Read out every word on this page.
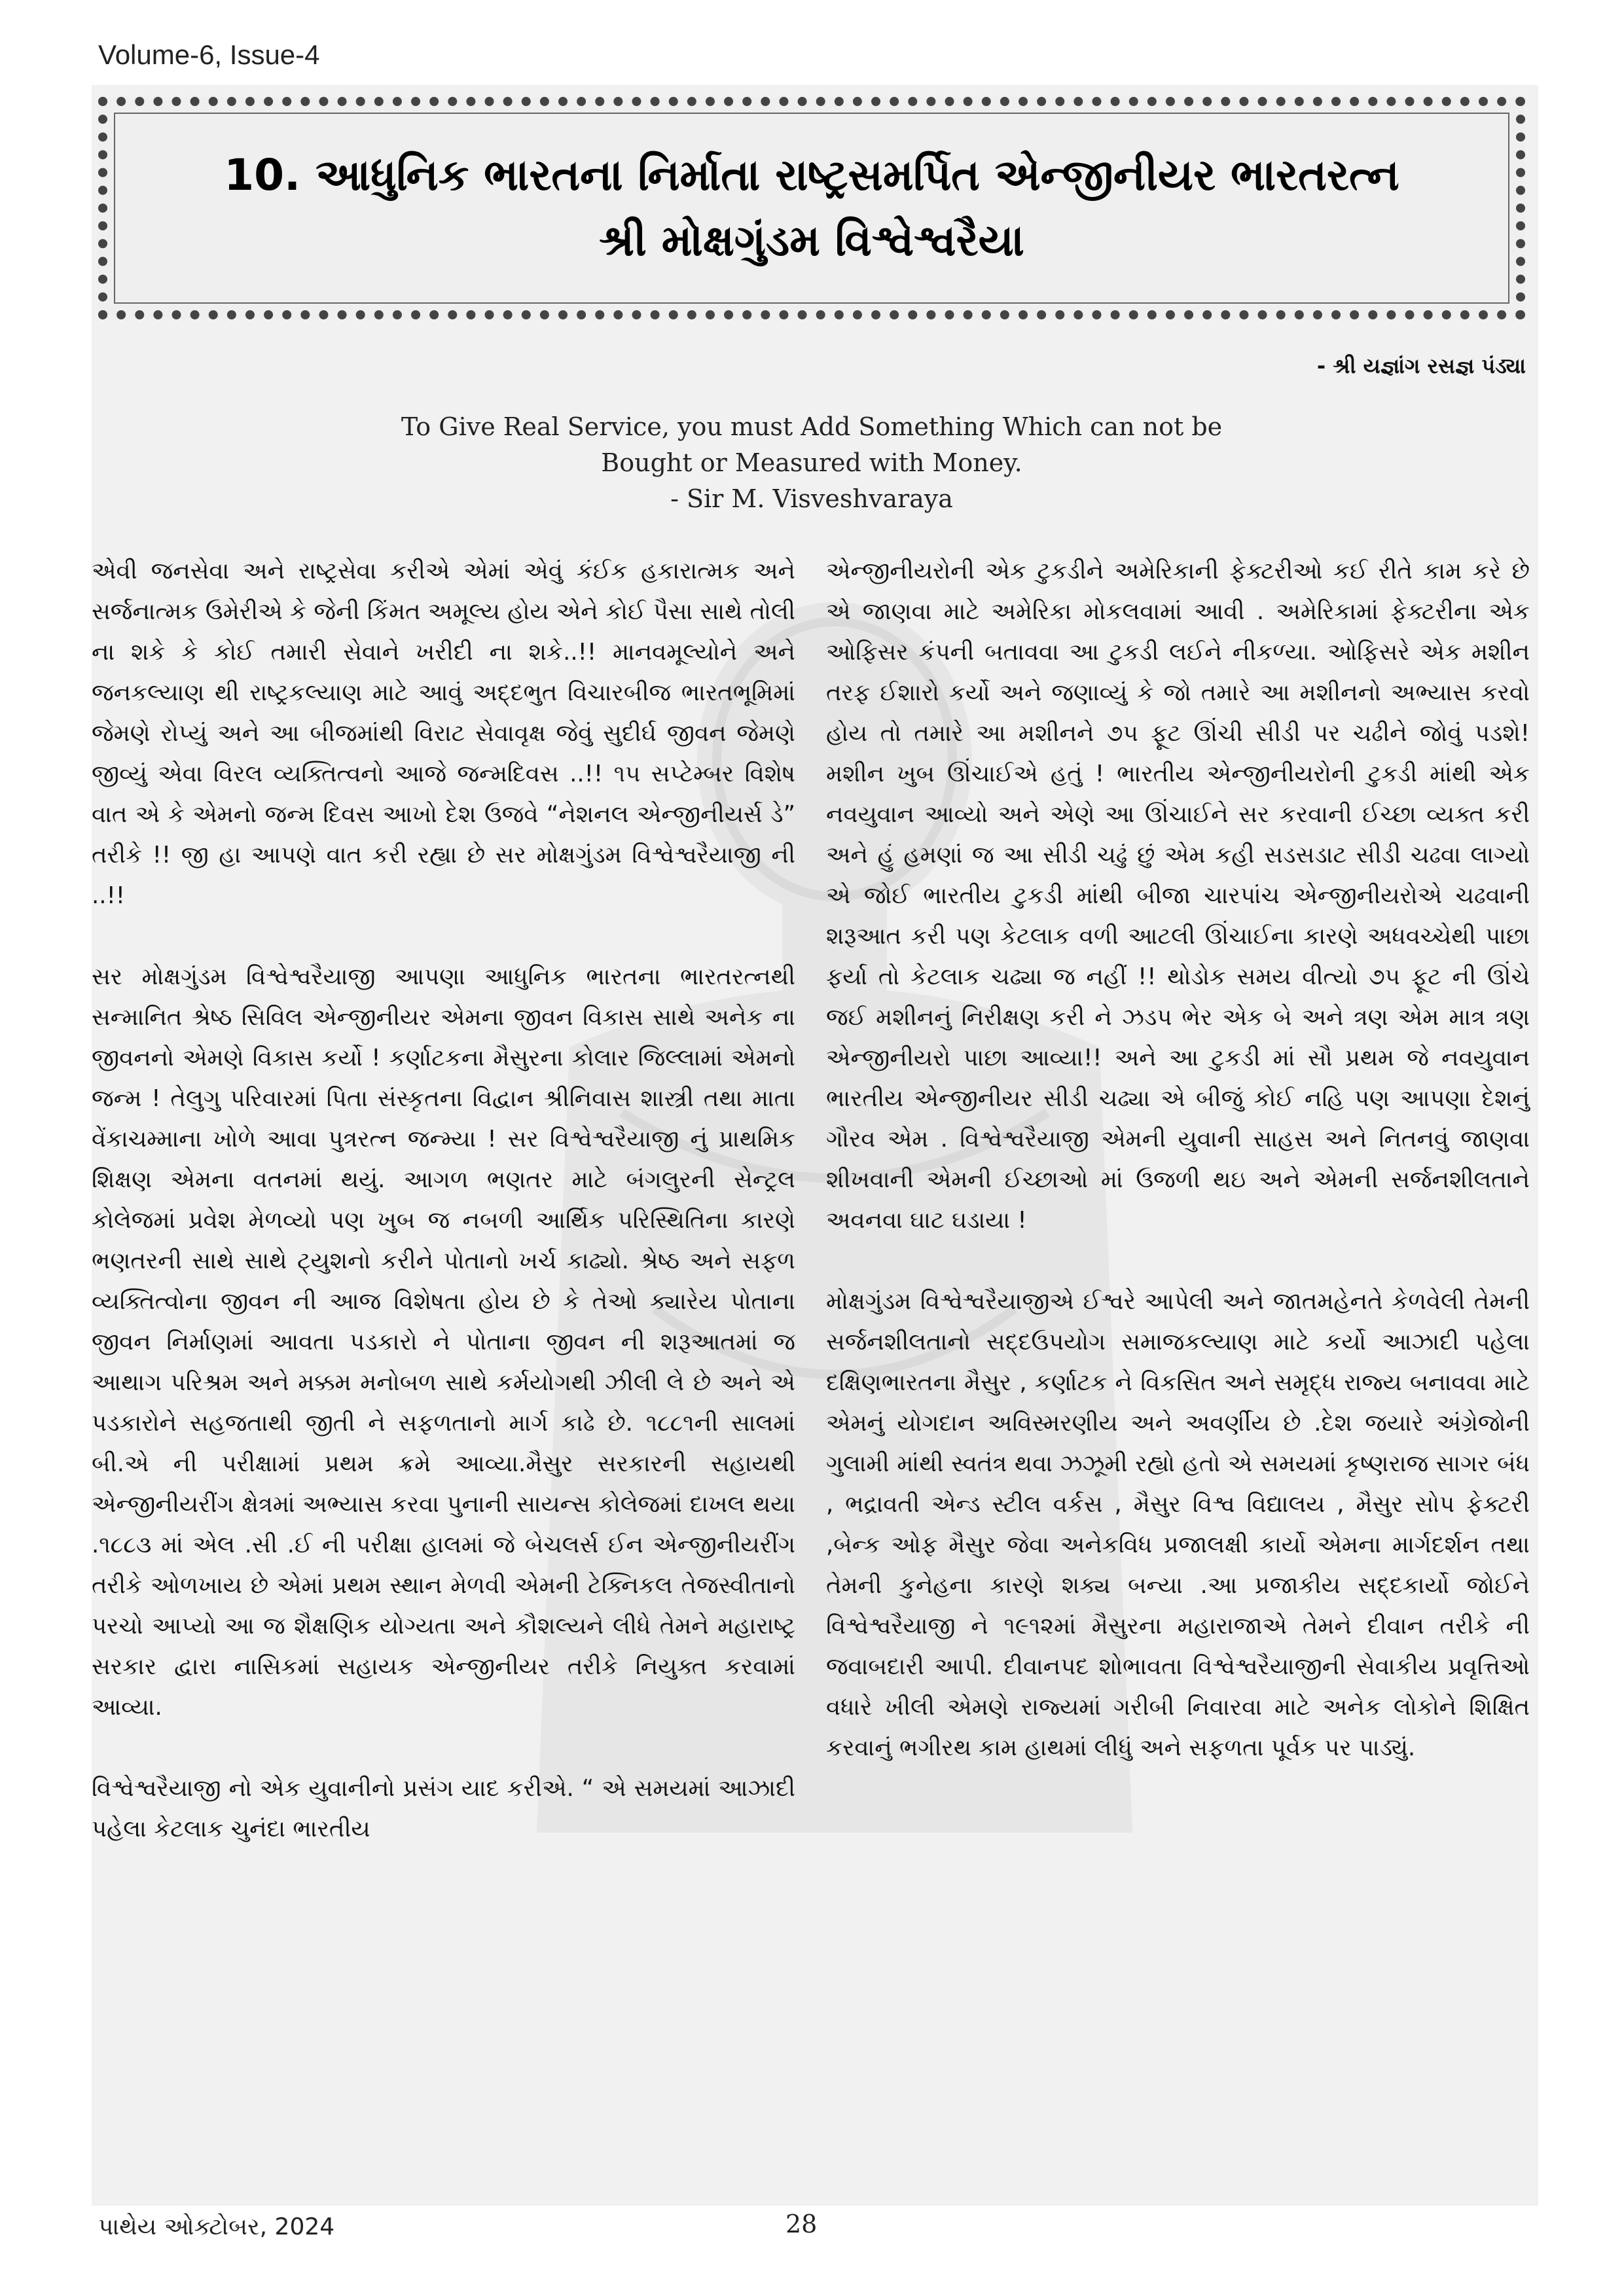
Volume-6, Issue-4
10. આધુનિક ભારતના નિર્માતા રાષ્ટ્રસમર્પિત એન્જીનીયર ભારતરત્ન
શ્રી મોક્ષગુંડમ વિશ્વેશ્વરૈયા
- શ્રી યજ્ઞાંગ રસજ્ઞ પંડ્યા
To Give Real Service, you must Add Something Which can not be
Bought or Measured with Money.
- Sir M. Visveshvaraya

એવી જનસેવા અને રાષ્ટ્રસેવા કરીએ એમાં એવું કંઈક હકારાત્મક અને સર્જનાત્મક ઉમેરીએ કે જેની કિંમત અમૂલ્ય હોય એને કોઈ પૈસા સાથે તોલી ના શકે કે કોઈ તમારી સેવાને ખરીદી ના શકે..!! માનવમૂલ્યોને અને જનકલ્યાણ થી રાષ્ટ્રકલ્યાણ માટે આવું અદ્દભુત વિચારબીજ ભારતભૂમિમાં જેમણે રોપ્યું અને આ બીજમાંથી વિરાટ સેવાવૃક્ષ જેવું સુદીર્ઘ જીવન જેમણે જીવ્યું એવા વિરલ વ્યક્તિત્વનો આજે જન્મદિવસ ..!! ૧૫ સપ્ટેમ્બર વિશેષ વાત એ કે એમનો જન્મ દિવસ આખો દેશ ઉજવે “નેશનલ એન્જીનીયર્સ ડે” તરીકે !! જી હા આપણે વાત કરી રહ્યા છે સર મોક્ષગુંડમ વિશ્વેશ્વરૈયાજી ની ..!!

સર મોક્ષગુંડમ વિશ્વેશ્વરૈયાજી આપણા આધુનિક ભારતના ભારતરત્નથી સન્માનિત શ્રેષ્ઠ સિવિલ એન્જીનીયર એમના જીવન વિકાસ સાથે અનેક ના જીવનનો એમણે વિકાસ કર્યો ! કર્ણાટકના મૈસુરના કોલાર જિલ્લામાં એમનો જન્મ ! તેલુગુ પરિવારમાં પિતા સંસ્કૃતના વિદ્વાન શ્રીનિવાસ શાસ્ત્રી તથા માતા વેંકાચમ્માના ખોળે આવા પુત્રરત્ન જન્મ્યા ! સર વિશ્વેશ્વરૈયાજી નું પ્રાથમિક શિક્ષણ એમના વતનમાં થયું. આગળ ભણતર માટે બંગલુરની સેન્ટ્રલ કોલેજમાં પ્રવેશ મેળવ્યો પણ ખુબ જ નબળી આર્થિક પરિસ્થિતિના કારણે ભણતરની સાથે સાથે ટ્યુશનો કરીને પોતાનો ખર્ચ કાઢ્યો. શ્રેષ્ઠ અને સફળ વ્યક્તિત્વોના જીવન ની આજ વિશેષતા હોય છે કે તેઓ ક્યારેય પોતાના જીવન નિર્માણમાં આવતા પડકારો ને પોતાના જીવન ની શરૂઆતમાં જ આથાગ પરિશ્રમ અને મક્કમ મનોબળ સાથે કર્મયોગથી ઝીલી લે છે અને એ પડકારોને સહજતાથી જીતી ને સફળતાનો માર્ગ કાઢે છે. ૧૮૮૧ની સાલમાં બી.એ ની પરીક્ષામાં પ્રથમ ક્રમે આવ્યા.મૈસુર સરકારની સહાયથી એન્જીનીયરીંગ ક્ષેત્રમાં અભ્યાસ કરવા પુનાની સાયન્સ કોલેજમાં દાખલ થયા .૧૮૮૩ માં એલ .સી .ઈ ની પરીક્ષા હાલમાં જે બેચલર્સ ઈન એન્જીનીયરીંગ તરીકે ઓળખાય છે એમાં પ્રથમ સ્થાન મેળવી એમની ટેક્નિકલ તેજસ્વીતાનો પરચો આપ્યો આ જ શૈક્ષણિક યોગ્યતા અને કૌશલ્યને લીધે તેમને મહારાષ્ટ્ર સરકાર દ્વારા નાસિકમાં સહાયક એન્જીનીયર તરીકે નિયુક્ત કરવામાં આવ્યા.

વિશ્વેશ્વરૈયાજી નો એક યુવાનીનો પ્રસંગ યાદ કરીએ. “ એ સમયમાં આઝાદી પહેલા કેટલાક ચુનંદા ભારતીય

એન્જીનીયરોની એક ટુકડીને અમેરિકાની ફેક્ટરીઓ કઈ રીતે કામ કરે છે એ જાણવા માટે અમેરિકા મોકલવામાં આવી . અમેરિકામાં ફેક્ટરીના એક ઓફિસર કંપની બતાવવા આ ટુકડી લઈને નીકળ્યા. ઓફિસરે એક મશીન તરફ ઈશારો કર્યો અને જણાવ્યું કે જો તમારે આ મશીનનો અભ્યાસ કરવો હોય તો તમારે આ મશીનને ૭૫ ફૂટ ઊંચી સીડી પર ચઢીને જોવું પડશે! મશીન ખુબ ઊંચાઈએ હતું ! ભારતીય એન્જીનીયરોની ટુકડી માંથી એક નવયુવાન આવ્યો અને એણે આ ઊંચાઈને સર કરવાની ઈચ્છા વ્યક્ત કરી અને હું હમણાં જ આ સીડી ચઢું છું એમ કહી સડસડાટ સીડી ચઢવા લાગ્યો એ જોઈ ભારતીય ટુકડી માંથી બીજા ચારપાંચ એન્જીનીયરોએ ચઢવાની શરૂઆત કરી પણ કેટલાક વળી આટલી ઊંચાઈના કારણે અધવચ્ચેથી પાછા ફર્યા તો કેટલાક ચઢ્યા જ નહીં !! થોડોક સમય વીત્યો ૭૫ ફૂટ ની ઊંચે જઈ મશીનનું નિરીક્ષણ કરી ને ઝડપ ભેર એક બે અને ત્રણ એમ માત્ર ત્રણ એન્જીનીયરો પાછા આવ્યા!! અને આ ટુકડી માં સૌ પ્રથમ જે નવયુવાન ભારતીય એન્જીનીયર સીડી ચઢ્યા એ બીજું કોઈ નહિ પણ આપણા દેશનું ગૌરવ એમ . વિશ્વેશ્વરૈયાજી એમની યુવાની સાહસ અને નિતનવું જાણવા શીખવાની એમની ઈચ્છાઓ માં ઉજળી થઇ અને એમની સર્જનશીલતાને અવનવા ઘાટ ઘડાયા !

મોક્ષગુંડમ વિશ્વેશ્વરૈયાજીએ ઈશ્વરે આપેલી અને જાતમહેનતે કેળવેલી તેમની સર્જનશીલતાનો સદ્દઉપયોગ સમાજકલ્યાણ માટે કર્યો આઝાદી પહેલા દક્ષિણભારતના મૈસુર , કર્ણાટક ને વિકસિત અને સમૃદ્ધ રાજ્ય બનાવવા માટે એમનું યોગદાન અવિસ્મરણીય અને અવર્ણીય છે .દેશ જયારે અંગ્રેજોની ગુલામી માંથી સ્વતંત્ર થવા ઝઝૂમી રહ્યો હતો એ સમયમાં કૃષ્ણરાજ સાગર બંધ , ભદ્રાવતી એન્ડ સ્ટીલ વર્કસ , મૈસુર વિશ્વ વિદ્યાલય , મૈસુર સોપ ફેક્ટરી ,બેન્ક ઓફ મૈસુર જેવા અનેકવિધ પ્રજાલક્ષી કાર્યો એમના માર્ગદર્શન તથા તેમની કુનેહના કારણે શક્ય બન્યા .આ પ્રજાકીય સદ્દકાર્યો જોઈને વિશ્વેશ્વરૈયાજી ને ૧૯૧૨માં મૈસુરના મહારાજાએ તેમને દીવાન તરીકે ની જવાબદારી આપી. દીવાનપદ શોભાવતા વિશ્વેશ્વરૈયાજીની સેવાકીય પ્રવૃત્તિઓ વધારે ખીલી એમણે રાજ્યમાં ગરીબી નિવારવા માટે અનેક લોકોને શિક્ષિત કરવાનું ભગીરથ કામ હાથમાં લીધું અને સફળતા પૂર્વક પર પાડ્યું.

પાથેય ઓક્ટોબર, 2024	28
